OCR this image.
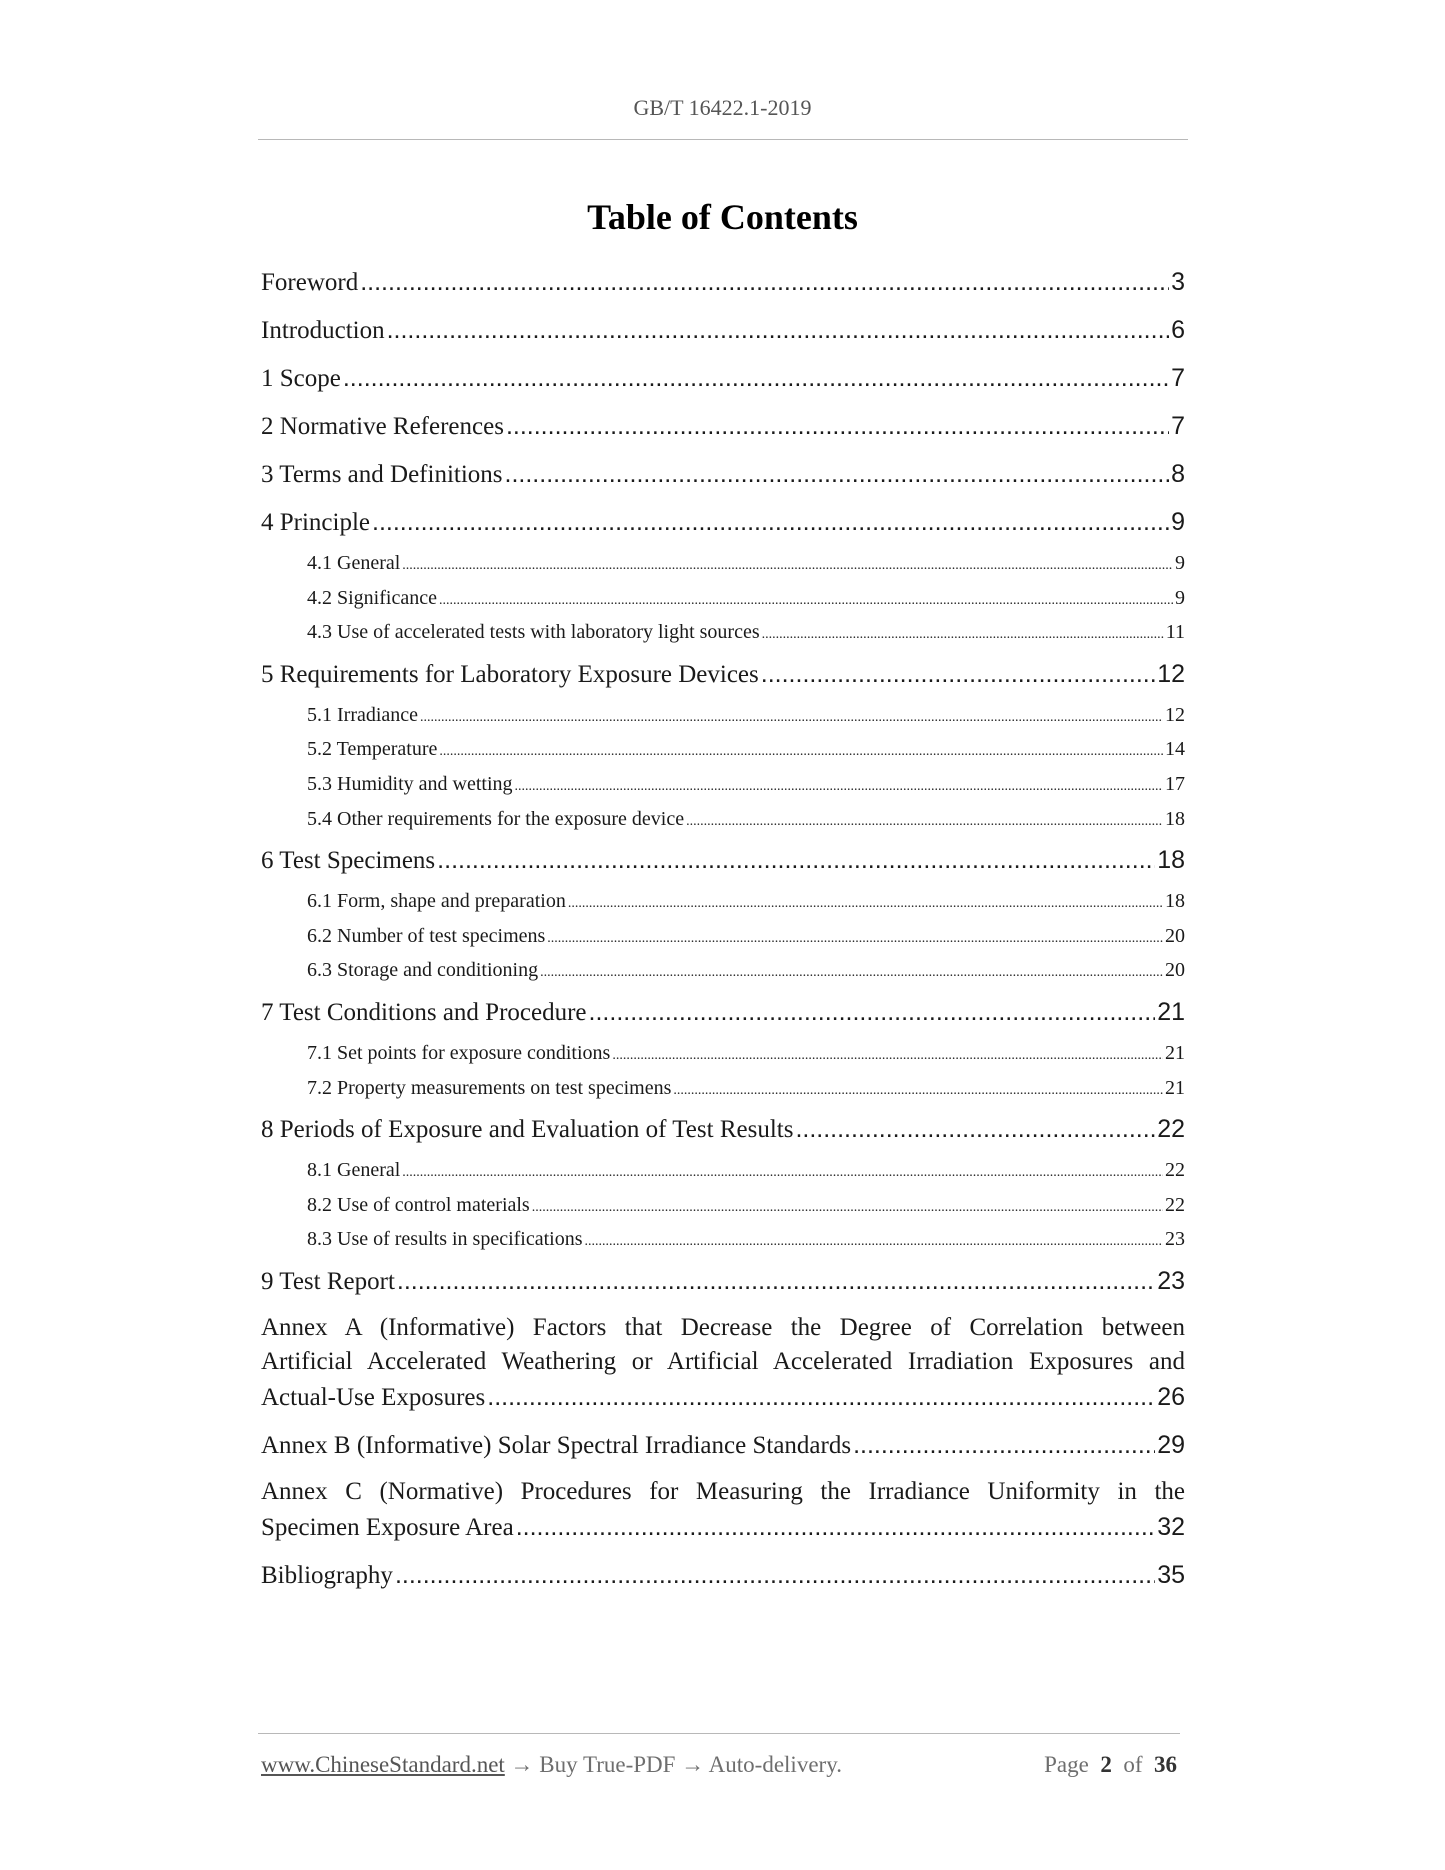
GB/T 16422.1-2019
Table of Contents
Foreword .....	3
Introduction .....	6
1 Scope .....	7
2 Normative References .....	7
3 Terms and Definitions .....	8
4 Principle .....	9
4.1 General .....	9
4.2 Significance .....	9
4.3 Use of accelerated tests with laboratory light sources .....	11
5 Requirements for Laboratory Exposure Devices .....	12
5.1 Irradiance .....	12
5.2 Temperature .....	14
5.3 Humidity and wetting .....	17
5.4 Other requirements for the exposure device .....	18
6 Test Specimens .....	18
6.1 Form, shape and preparation .....	18
6.2 Number of test specimens .....	20
6.3 Storage and conditioning .....	20
7 Test Conditions and Procedure .....	21
7.1 Set points for exposure conditions .....	21
7.2 Property measurements on test specimens .....	21
8 Periods of Exposure and Evaluation of Test Results .....	22
8.1 General .....	22
8.2 Use of control materials .....	22
8.3 Use of results in specifications .....	23
9 Test Report .....	23
Annex A (Informative) Factors that Decrease the Degree of Correlation between
Artificial Accelerated Weathering or Artificial Accelerated Irradiation Exposures and
Actual-Use Exposures .....	26
Annex B (Informative) Solar Spectral Irradiance Standards .....	29
Annex C (Normative) Procedures for Measuring the Irradiance Uniformity in the
Specimen Exposure Area .....	32
Bibliography .....	35
www.ChineseStandard.net → Buy True-PDF → Auto-delivery.	Page 2 of 36
